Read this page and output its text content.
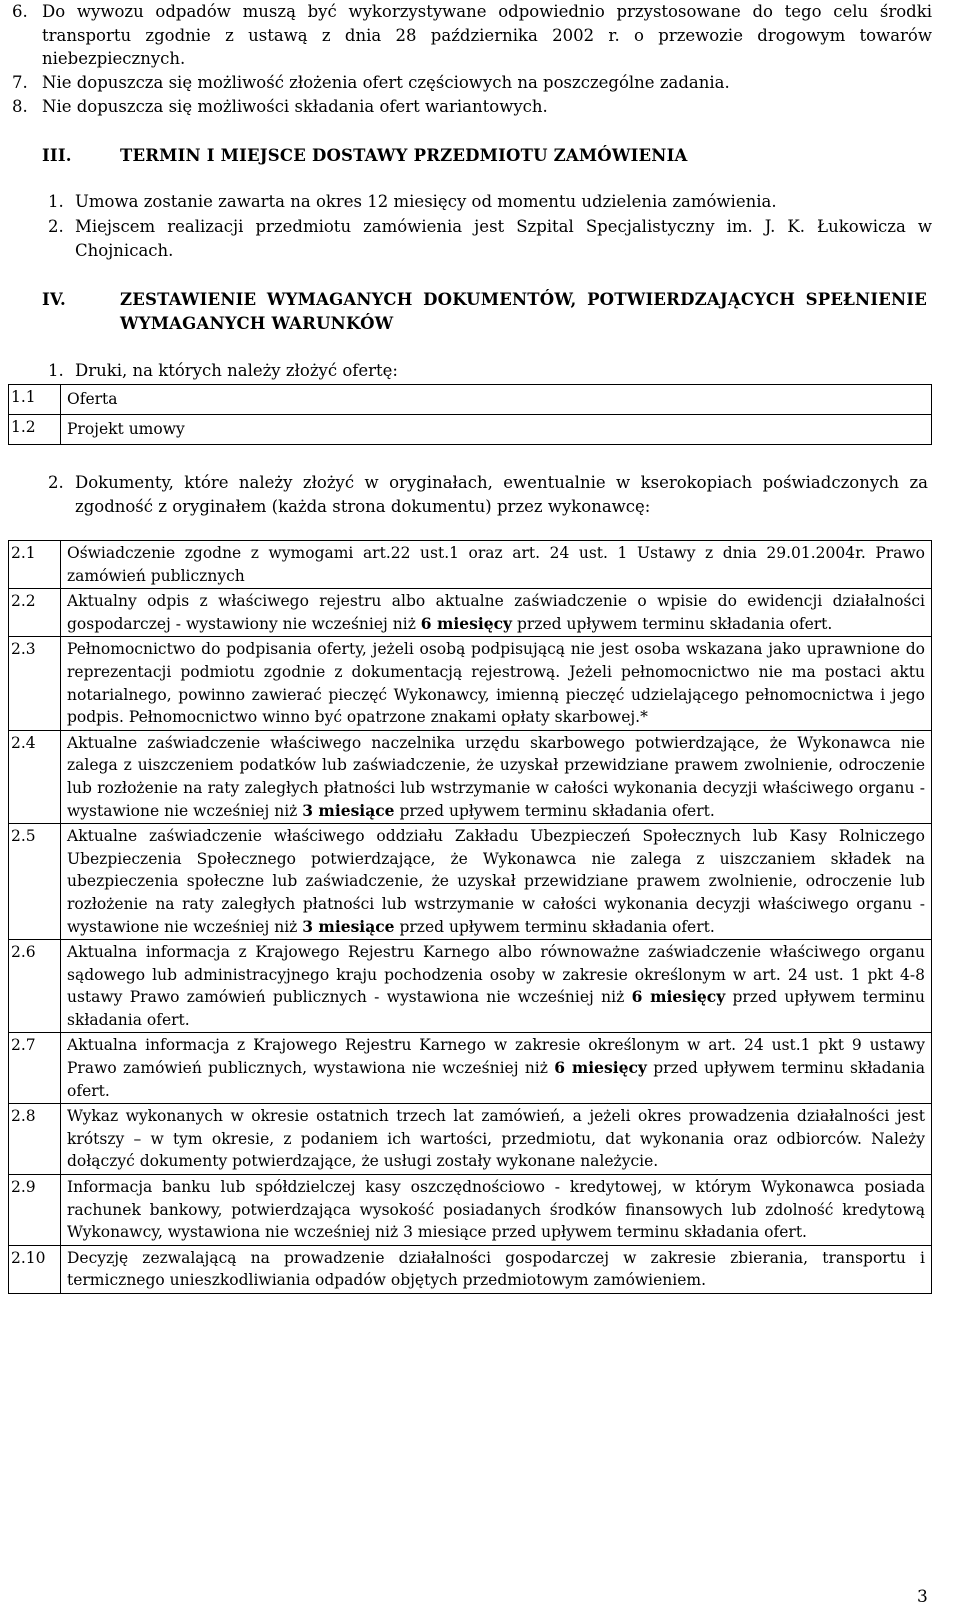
6. Do wywozu odpadów muszą być wykorzystywane odpowiednio przystosowane do tego celu środki transportu zgodnie z ustawą z dnia 28 października 2002 r. o przewozie drogowym towarów niebezpiecznych.
7. Nie dopuszcza się możliwość złożenia ofert częściowych na poszczególne zadania.
8. Nie dopuszcza się możliwości składania ofert wariantowych.
III.	TERMIN I MIEJSCE DOSTAWY PRZEDMIOTU ZAMÓWIENIA
1. Umowa zostanie zawarta na okres 12 miesięcy od momentu udzielenia zamówienia.
2. Miejscem realizacji przedmiotu zamówienia jest Szpital Specjalistyczny im. J. K. Łukowicza w Chojnicach.
IV.	ZESTAWIENIE WYMAGANYCH DOKUMENTÓW, POTWIERDZAJĄCYCH SPEŁNIENIE WYMAGANYCH WARUNKÓW
1. Druki, na których należy złożyć ofertę:
1.1	Oferta
1.2	Projekt umowy
2. Dokumenty, które należy złożyć w oryginałach, ewentualnie w kserokopiach poświadczonych za zgodność z oryginałem (każda strona dokumentu) przez wykonawcę:
2.1	Oświadczenie zgodne z wymogami art.22 ust.1 oraz art. 24 ust. 1 Ustawy z dnia 29.01.2004r. Prawo zamówień publicznych
2.2	Aktualny odpis z właściwego rejestru albo aktualne zaświadczenie o wpisie do ewidencji działalności gospodarczej - wystawiony nie wcześniej niż 6 miesięcy przed upływem terminu składania ofert.
2.3	Pełnomocnictwo do podpisania oferty, jeżeli osobą podpisującą nie jest osoba wskazana jako uprawnione do reprezentacji podmiotu zgodnie z dokumentacją rejestrową. Jeżeli pełnomocnictwo nie ma postaci aktu notarialnego, powinno zawierać pieczęć Wykonawcy, imienną pieczęć udzielającego pełnomocnictwa i jego podpis. Pełnomocnictwo winno być opatrzone znakami opłaty skarbowej.*
2.4	Aktualne zaświadczenie właściwego naczelnika urzędu skarbowego potwierdzające, że Wykonawca nie zalega z uiszczeniem podatków lub zaświadczenie, że uzyskał przewidziane prawem zwolnienie, odroczenie lub rozłożenie na raty zaległych płatności lub wstrzymanie w całości wykonania decyzji właściwego organu - wystawione nie wcześniej niż 3 miesiące przed upływem terminu składania ofert.
2.5	Aktualne zaświadczenie właściwego oddziału Zakładu Ubezpieczeń Społecznych lub Kasy Rolniczego Ubezpieczenia Społecznego potwierdzające, że Wykonawca nie zalega z uiszczaniem składek na ubezpieczenia społeczne lub zaświadczenie, że uzyskał przewidziane prawem zwolnienie, odroczenie lub rozłożenie na raty zaległych płatności lub wstrzymanie w całości wykonania decyzji właściwego organu - wystawione nie wcześniej niż 3 miesiące przed upływem terminu składania ofert.
2.6	Aktualna informacja z Krajowego Rejestru Karnego albo równoważne zaświadczenie właściwego organu sądowego lub administracyjnego kraju pochodzenia osoby w zakresie określonym w art. 24 ust. 1 pkt 4-8 ustawy Prawo zamówień publicznych - wystawiona nie wcześniej niż 6 miesięcy przed upływem terminu składania ofert.
2.7	Aktualna informacja z Krajowego Rejestru Karnego w zakresie określonym w art. 24 ust.1 pkt 9 ustawy Prawo zamówień publicznych, wystawiona nie wcześniej niż 6 miesięcy przed upływem terminu składania ofert.
2.8	Wykaz wykonanych w okresie ostatnich trzech lat zamówień, a jeżeli okres prowadzenia działalności jest krótszy – w tym okresie, z podaniem ich wartości, przedmiotu, dat wykonania oraz odbiorców. Należy dołączyć dokumenty potwierdzające, że usługi zostały wykonane należycie.
2.9	Informacja banku lub spółdzielczej kasy oszczędnościowo - kredytowej, w którym Wykonawca posiada rachunek bankowy, potwierdzająca wysokość posiadanych środków finansowych lub zdolność kredytową Wykonawcy, wystawiona nie wcześniej niż 3 miesiące przed upływem terminu składania ofert.
2.10	Decyzję zezwalającą na prowadzenie działalności gospodarczej w zakresie zbierania, transportu i termicznego unieszkodliwiania odpadów objętych przedmiotowym zamówieniem.
3
